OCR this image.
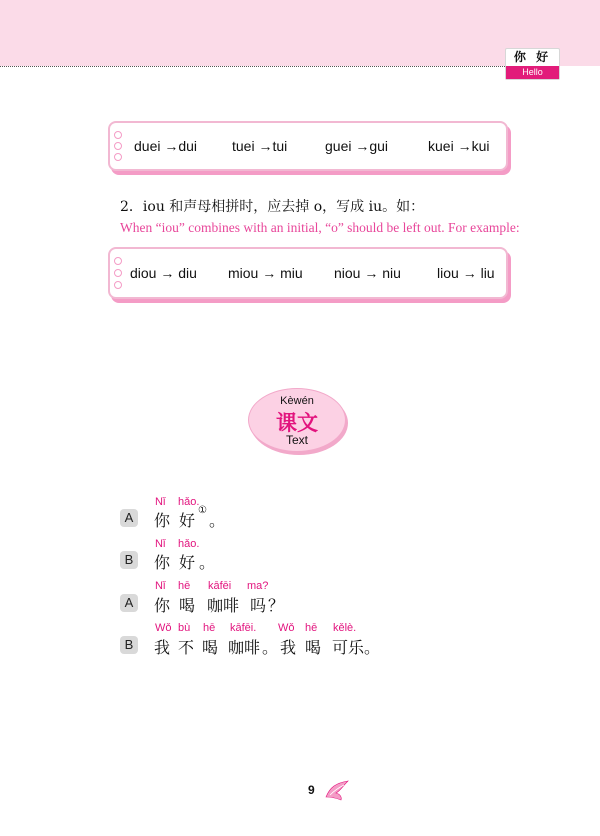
你 好
Hello
duei
→ dui tuei
→ tui	guei
→ gui	kuei
→ kui
2．iou 和声母相拼时，应去掉 o，写成 iu。如：
When “iou” combines with an initial, “o” should be left out. For example:
diou
→
diu miou
→
miu niou
→
niu	liou
→
liu
Kèwén
课文
Text
A
Nǐ hǎo.
你 好
①
。
B
Nǐ hǎo.
你 好 。
A
Nǐ hē kāfēi ma?
你 喝 咖啡 吗 ？
B
Wǒ bù hē kāfēi. Wǒ hē kělè.
我 不 喝 咖啡 。 我 喝 可乐 。
9
